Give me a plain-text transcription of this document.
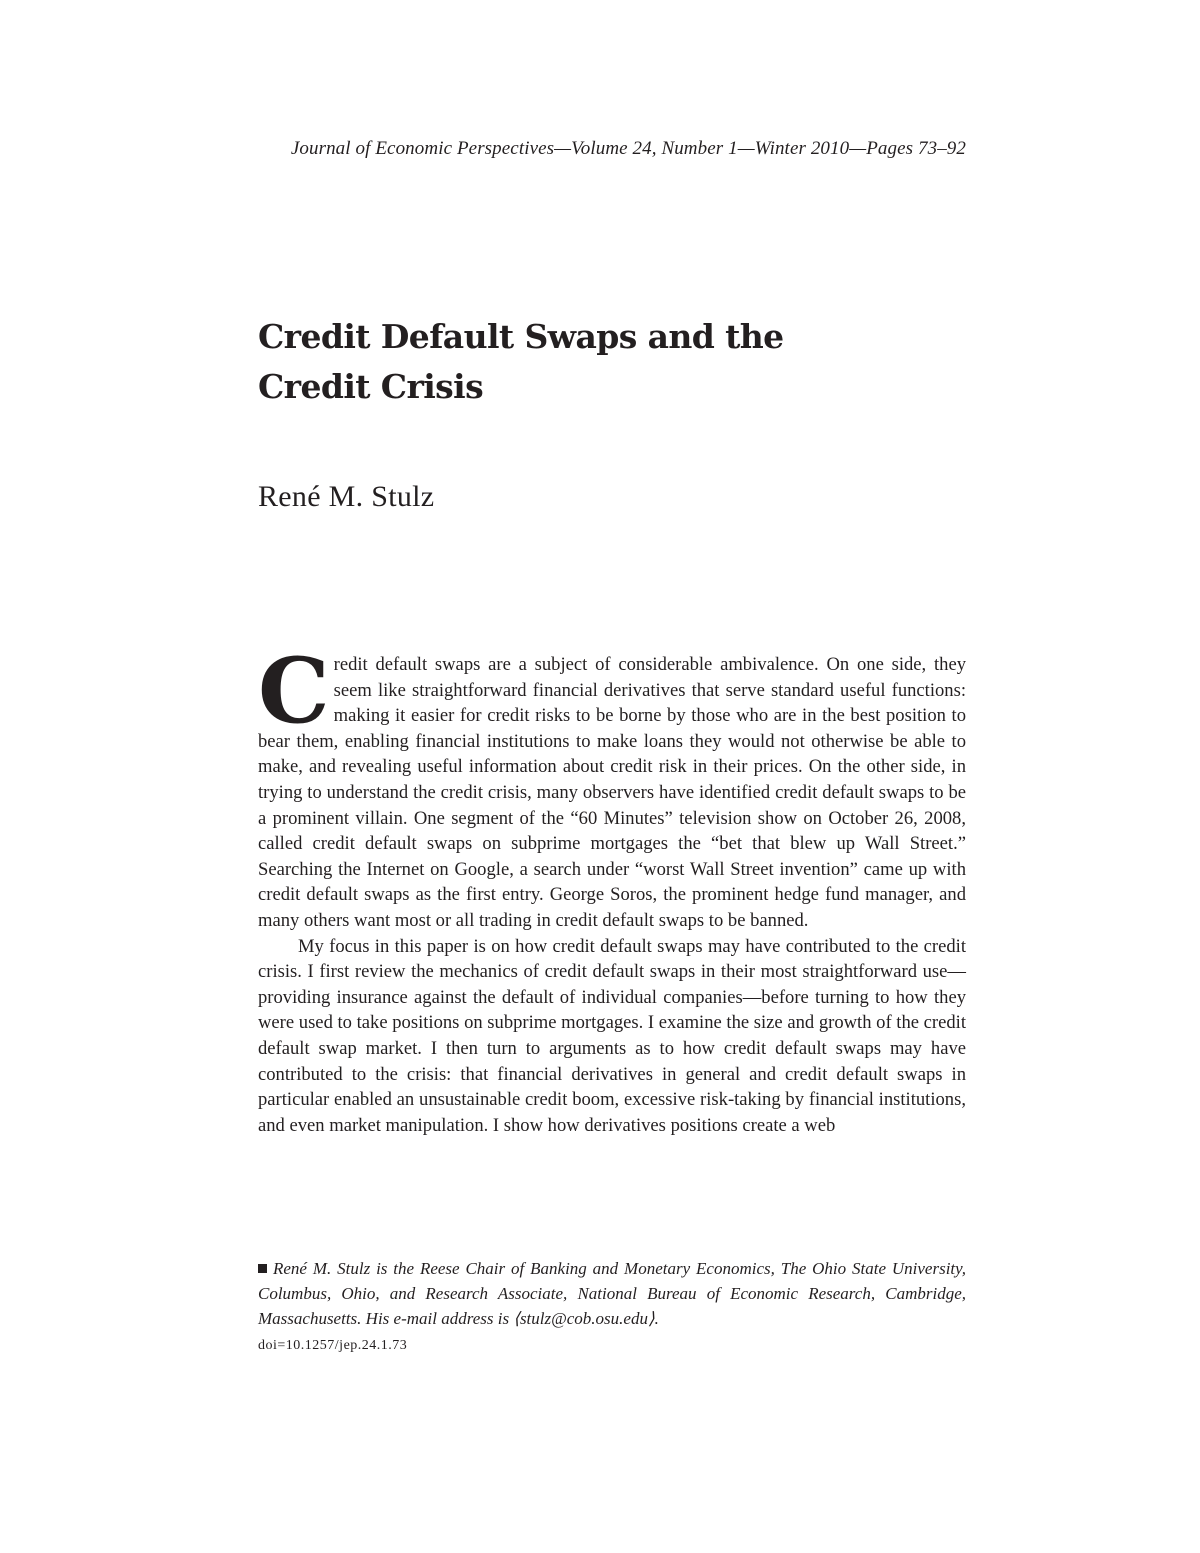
Journal of Economic Perspectives—Volume 24, Number 1—Winter 2010—Pages 73–92
Credit Default Swaps and the
Credit Crisis
René M. Stulz

Credit default swaps are a subject of considerable ambivalence. On one side, they seem like straightforward financial derivatives that serve standard useful functions: making it easier for credit risks to be borne by those who are in the best position to bear them, enabling financial institutions to make loans they would not otherwise be able to make, and revealing useful information about credit risk in their prices. On the other side, in trying to understand the credit crisis, many observers have identified credit default swaps to be a prominent villain. One segment of the “60 Minutes” television show on October 26, 2008, called credit default swaps on subprime mortgages the “bet that blew up Wall Street.” Searching the Internet on Google, a search under “worst Wall Street invention” came up with credit default swaps as the first entry. George Soros, the prominent hedge fund manager, and many others want most or all trading in credit default swaps to be banned.

My focus in this paper is on how credit default swaps may have contributed to the credit crisis. I first review the mechanics of credit default swaps in their most straightforward use—providing insurance against the default of individual companies—before turning to how they were used to take positions on subprime mortgages. I examine the size and growth of the credit default swap market. I then turn to arguments as to how credit default swaps may have contributed to the crisis: that financial derivatives in general and credit default swaps in particular enabled an unsustainable credit boom, excessive risk-taking by financial institutions, and even market manipulation. I show how derivatives positions create a web

René M. Stulz is the Reese Chair of Banking and Monetary Economics, The Ohio State University, Columbus, Ohio, and Research Associate, National Bureau of Economic Research, Cambridge, Massachusetts. His e-mail address is ⟨stulz@cob.osu.edu⟩.

doi=10.1257/jep.24.1.73
